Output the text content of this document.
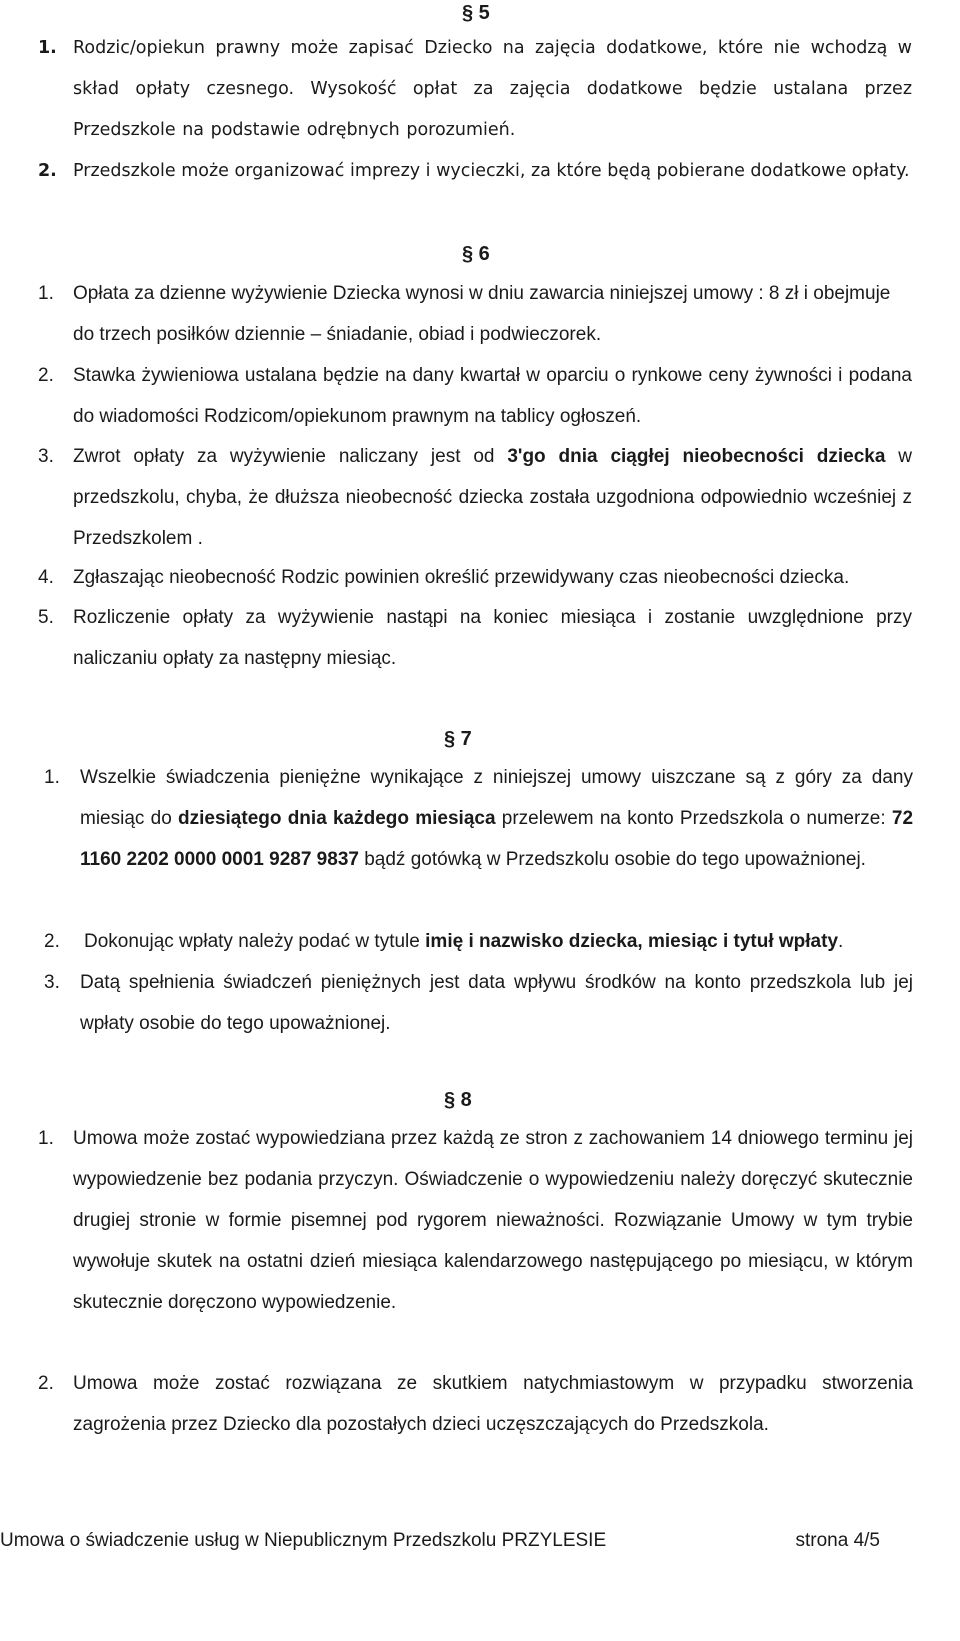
§ 5
1. Rodzic/opiekun prawny może zapisać Dziecko na zajęcia dodatkowe, które nie wchodzą w skład opłaty czesnego. Wysokość opłat za zajęcia dodatkowe będzie ustalana przez Przedszkole na podstawie odrębnych porozumień.
2. Przedszkole może organizować imprezy i wycieczki, za które będą pobierane dodatkowe opłaty.
§ 6
1.	Opłata za dzienne wyżywienie Dziecka wynosi w dniu zawarcia niniejszej umowy : 8 zł i obejmuje do trzech posiłków dziennie – śniadanie, obiad i podwieczorek.
2.	Stawka żywieniowa ustalana będzie na dany kwartał w oparciu o rynkowe ceny żywności i podana do wiadomości Rodzicom/opiekunom prawnym na tablicy ogłoszeń.
3.	Zwrot opłaty za wyżywienie naliczany jest od 3'go dnia ciągłej nieobecności dziecka w przedszkolu, chyba, że dłuższa nieobecność dziecka została uzgodniona odpowiednio wcześniej z Przedszkolem .
4.	Zgłaszając nieobecność Rodzic powinien określić przewidywany czas nieobecności dziecka.
5.	Rozliczenie opłaty za wyżywienie nastąpi na koniec miesiąca i zostanie uwzględnione przy naliczaniu opłaty za następny miesiąc.
§ 7
1.	Wszelkie świadczenia pieniężne wynikające z niniejszej umowy uiszczane są z góry za dany miesiąc do dziesiątego dnia każdego miesiąca przelewem na konto Przedszkola o numerze: 72 1160 2202 0000 0001 9287 9837 bądź gotówką w Przedszkolu osobie do tego upoważnionej.
2.	Dokonując wpłaty należy podać w tytule imię i nazwisko dziecka, miesiąc i tytuł wpłaty.
3.	Datą spełnienia świadczeń pieniężnych jest data wpływu środków na konto przedszkola lub jej wpłaty osobie do tego upoważnionej.
§ 8
1.	Umowa może zostać wypowiedziana przez każdą ze stron z zachowaniem 14 dniowego terminu jej wypowiedzenie bez podania przyczyn. Oświadczenie o wypowiedzeniu należy doręczyć skutecznie drugiej stronie w formie pisemnej pod rygorem nieważności. Rozwiązanie Umowy w tym trybie wywołuje skutek na ostatni dzień miesiąca kalendarzowego następującego po miesiącu, w którym skutecznie doręczono wypowiedzenie.
2.	Umowa może zostać rozwiązana ze skutkiem natychmiastowym w przypadku stworzenia zagrożenia przez Dziecko dla pozostałych dzieci uczęszczających do Przedszkola.
Umowa o świadczenie usług w Niepublicznym Przedszkolu PRZYLESIE	strona 4/5
